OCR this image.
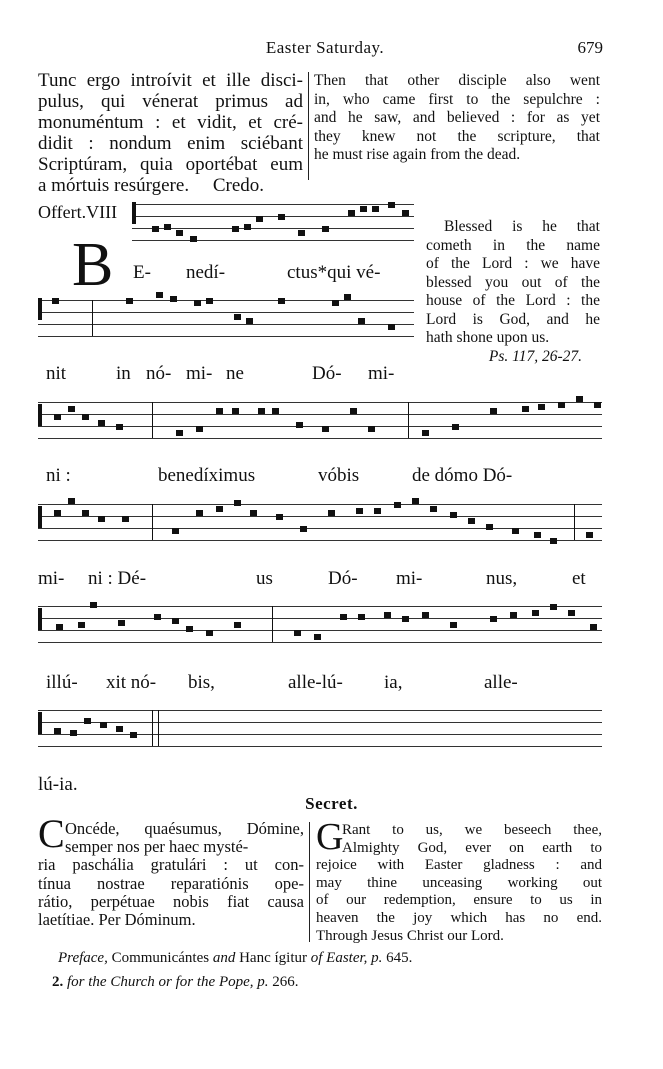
Easter Saturday.	679

Tunc ergo introívit et ille disci-

pulus, qui vénerat primus ad

monuméntum : et vidit, et cré-

didit : nondum enim sciébant

Scriptúram, quia oportébat eum

a mórtuis resúrgere.     Credo.

Then that other disciple also went

in, who came first to the sepulchre :

and he saw, and believed : for as yet

they knew not the scripture, that

he must rise again from the dead.

Offert.VIII
B E- nedí-	ctus*qui vé-

Blessed is he that

cometh in the name

of the Lord : we have

blessed you out of the

house of the Lord : the

Lord is God, and he

hath shone upon us.

Ps. 117, 26-27.

nit	in nó- mi- ne	Dó- mi-
ni :	benedíximus	vóbis	de dómo Dó-
mi- ni : Dé-	us	Dó- mi-	nus,	et
illú- xit nó- bis,	alle-lú- ia,	alle-
lú-ia.
Secret.
C Oncéde, quaésumus, Dómine,

semper nos per haec mysté-

ria paschália gratulári : ut con-

tínua nostrae reparatiónis ope-

rátio, perpétuae nobis fiat causa

laetítiae. Per Dóminum.

G

Rant to us, we beseech thee,

Almighty God, ever on earth to

rejoice with Easter gladness : and

may thine unceasing working out

of our redemption, ensure to us in

heaven the joy which has no end.

Through Jesus Christ our Lord.

Preface, Communicántes and Hanc ígitur of Easter, p. 645.
2. for the Church or for the Pope, p. 266.
